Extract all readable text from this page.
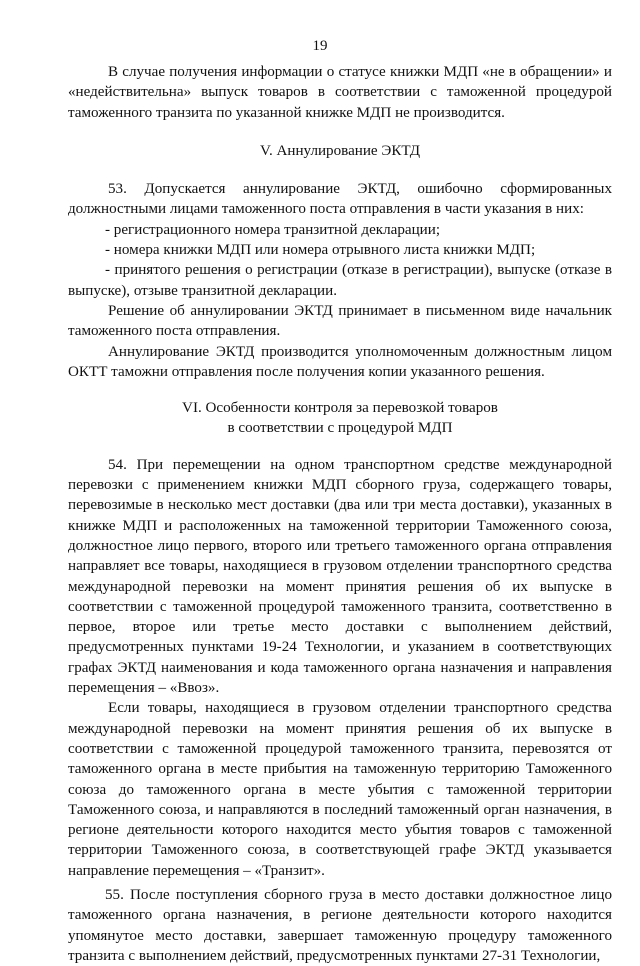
19

В случае получения информации о статусе книжки МДП «не в обращении» и «недействительна» выпуск товаров в соответствии с таможенной процедурой таможенного транзита по указанной книжке МДП не производится.

V. Аннулирование ЭКТД

53. Допускается аннулирование ЭКТД, ошибочно сформированных должностными лицами таможенного поста отправления в части указания в них:

- регистрационного номера транзитной декларации;

- номера книжки МДП или номера отрывного листа книжки МДП;

- принятого решения о регистрации (отказе в регистрации), выпуске (отказе в выпуске), отзыве транзитной декларации.

Решение об аннулировании ЭКТД принимает в письменном виде начальник таможенного поста отправления.

Аннулирование ЭКТД производится уполномоченным должностным лицом ОКТТ таможни отправления после получения копии указанного решения.

VI. Особенности контроля за перевозкой товаров
в соответствии с процедурой МДП

54. При перемещении на одном транспортном средстве международной перевозки с применением книжки МДП сборного груза, содержащего товары, перевозимые в несколько мест доставки (два или три места доставки), указанных в книжке МДП и расположенных на таможенной территории Таможенного союза, должностное лицо первого, второго или третьего таможенного органа отправления направляет все товары, находящиеся в грузовом отделении транспортного средства международной перевозки на момент принятия решения об их выпуске в соответствии с таможенной процедурой таможенного транзита, соответственно в первое, второе или третье место доставки с выполнением действий, предусмотренных пунктами 19-24 Технологии, и указанием в соответствующих графах ЭКТД наименования и кода таможенного органа назначения и направления перемещения – «Ввоз».

Если товары, находящиеся в грузовом отделении транспортного средства международной перевозки на момент принятия решения об их выпуске в соответствии с таможенной процедурой таможенного транзита, перевозятся от таможенного органа в месте прибытия на таможенную территорию Таможенного союза до таможенного органа в месте убытия с таможенной территории Таможенного союза, и направляются в последний таможенный орган назначения, в регионе деятельности которого находится место убытия товаров с таможенной территории Таможенного союза, в соответствующей графе ЭКТД указывается направление перемещения – «Транзит».

55. После поступления сборного груза в место доставки должностное лицо таможенного органа назначения, в регионе деятельности которого находится упомянутое место доставки, завершает таможенную процедуру таможенного транзита с выполнением действий, предусмотренных пунктами 27-31 Технологии,
